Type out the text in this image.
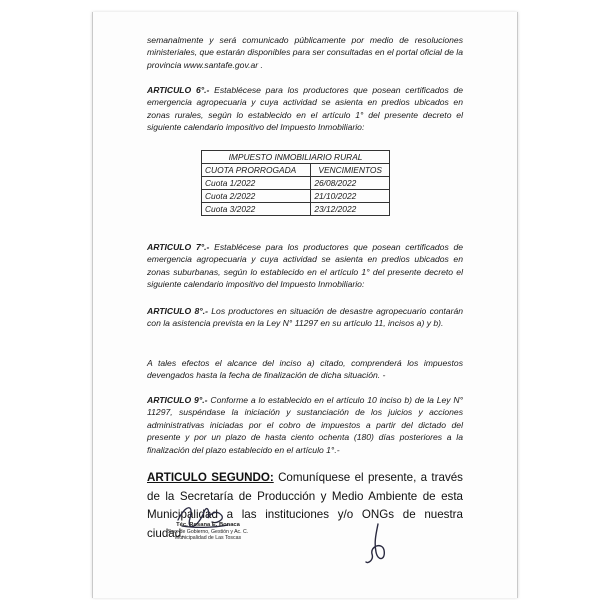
semanalmente y será comunicado públicamente por medio de resoluciones ministeriales, que estarán disponibles para ser consultadas en el portal oficial de la provincia www.santafe.gov.ar .
ARTICULO 6°.- Establécese para los productores que posean certificados de emergencia agropecuaria y cuya actividad se asienta en predios ubicados en zonas rurales, según lo establecido en el artículo 1° del presente decreto el siguiente calendario impositivo del Impuesto Inmobiliario:
IMPUESTO INMOBILIARIO RURAL	
CUOTA PRORROGADA	VENCIMIENTOS
Cuota 1/2022	26/08/2022
Cuota 2/2022	21/10/2022
Cuota 3/2022	23/12/2022
ARTICULO 7°.- Establécese para los productores que posean certificados de emergencia agropecuaria y cuya actividad se asienta en predios ubicados en zonas suburbanas, según lo establecido en el artículo 1° del presente decreto el siguiente calendario impositivo del Impuesto Inmobiliario:
ARTICULO 8°.- Los productores en situación de desastre agropecuario contarán con la asistencia prevista en la Ley N° 11297 en su artículo 11, incisos a) y b).
A tales efectos el alcance del inciso a) citado, comprenderá los impuestos devengados hasta la fecha de finalización de dicha situación. -
ARTICULO 9°.- Conforme a lo establecido en el artículo 10 inciso b) de la Ley N° 11297, suspéndase la iniciación y sustanciación de los juicios y acciones administrativas iniciadas por el cobro de impuestos a partir del dictado del presente y por un plazo de hasta ciento ochenta (180) días posteriores a la finalización del plazo establecido en el artículo 1°.-
ARTICULO SEGUNDO: Comuníquese el presente, a través de la Secretaría de Producción y Medio Ambiente de esta Municipalidad a las instituciones y/o ONGs de nuestra ciudad,
Téc. Rosana E. Bonaca
Sec. de Gobierno, Gestión y Ac. C.
Municipalidad de Las Toscas
